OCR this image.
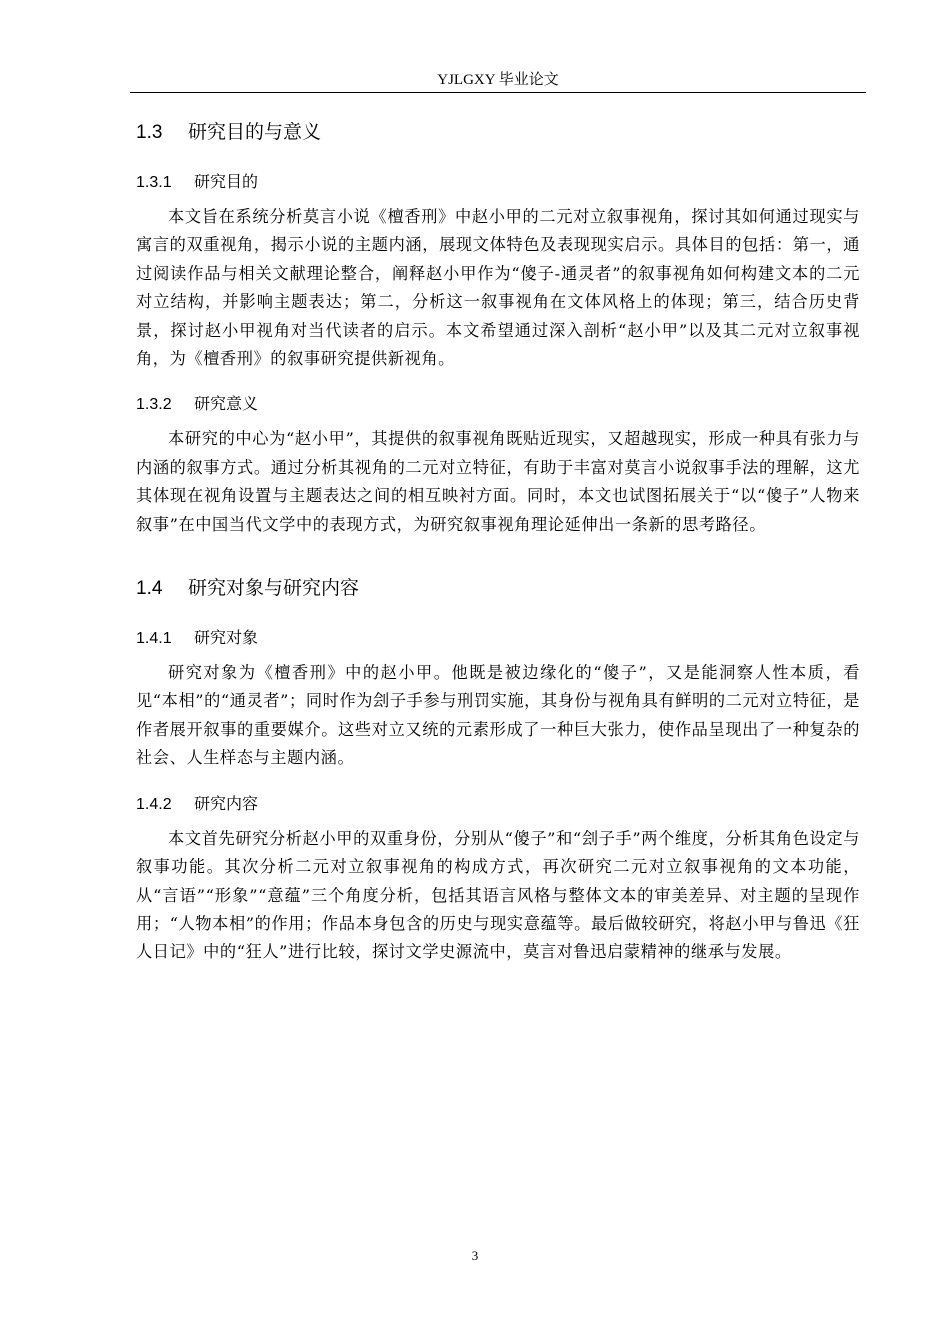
YJLGXY 毕业论文
1.3 研究目的与意义
1.3.1 研究目的

本文旨在系统分析莫言小说《檀香刑》中赵小甲的二元对立叙事视角，探讨其如何通过现实与寓言的双重视角，揭示小说的主题内涵，展现文体特色及表现现实启示。具体目的包括：第一，通过阅读作品与相关文献理论整合，阐释赵小甲作为“傻子-通灵者”的叙事视角如何构建文本的二元对立结构，并影响主题表达；第二，分析这一叙事视角在文体风格上的体现；第三，结合历史背景，探讨赵小甲视角对当代读者的启示。本文希望通过深入剖析“赵小甲”以及其二元对立叙事视角，为《檀香刑》的叙事研究提供新视角。

1.3.2 研究意义

本研究的中心为“赵小甲”，其提供的叙事视角既贴近现实，又超越现实，形成一种具有张力与内涵的叙事方式。通过分析其视角的二元对立特征，有助于丰富对莫言小说叙事手法的理解，这尤其体现在视角设置与主题表达之间的相互映衬方面。同时，本文也试图拓展关于“以“傻子”人物来叙事”在中国当代文学中的表现方式，为研究叙事视角理论延伸出一条新的思考路径。

1.4 研究对象与研究内容
1.4.1 研究对象

研究对象为《檀香刑》中的赵小甲。他既是被边缘化的“傻子”，又是能洞察人性本质，看见“本相”的“通灵者”；同时作为刽子手参与刑罚实施，其身份与视角具有鲜明的二元对立特征，是作者展开叙事的重要媒介。这些对立又统的元素形成了一种巨大张力，使作品呈现出了一种复杂的社会、人生样态与主题内涵。

1.4.2 研究内容

本文首先研究分析赵小甲的双重身份，分别从“傻子”和“刽子手”两个维度，分析其角色设定与叙事功能。其次分析二元对立叙事视角的构成方式，再次研究二元对立叙事视角的文本功能，从“言语”“形象”“意蕴”三个角度分析，包括其语言风格与整体文本的审美差异、对主题的呈现作用；“人物本相”的作用；作品本身包含的历史与现实意蕴等。最后做较研究，将赵小甲与鲁迅《狂人日记》中的“狂人”进行比较，探讨文学史源流中，莫言对鲁迅启蒙精神的继承与发展。

3
